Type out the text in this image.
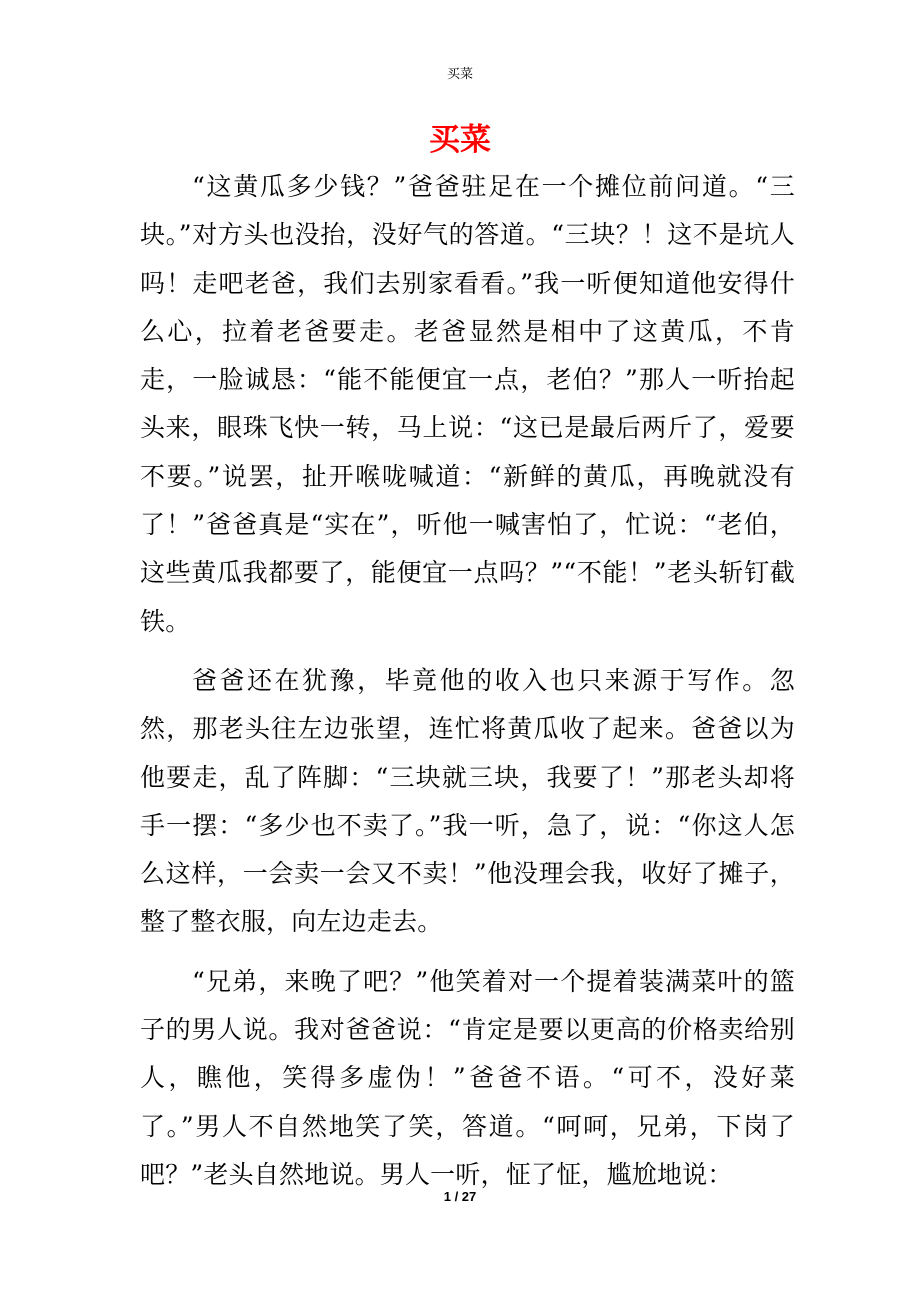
买菜
买菜

“这黄瓜多少钱？”爸爸驻足在一个摊位前问道。“三块。”对方头也没抬，没好气的答道。“三块？！这不是坑人吗！走吧老爸，我们去别家看看。”我一听便知道他安得什么心，拉着老爸要走。老爸显然是相中了这黄瓜，不肯走，一脸诚恳：“能不能便宜一点，老伯？”那人一听抬起头来，眼珠飞快一转，马上说：“这已是最后两斤了，爱要不要。”说罢，扯开喉咙喊道：“新鲜的黄瓜，再晚就没有了！”爸爸真是“实在”，听他一喊害怕了，忙说：“老伯，这些黄瓜我都要了，能便宜一点吗？”“不能！”老头斩钉截铁。

爸爸还在犹豫，毕竟他的收入也只来源于写作。忽然，那老头往左边张望，连忙将黄瓜收了起来。爸爸以为他要走，乱了阵脚：“三块就三块，我要了！”那老头却将手一摆：“多少也不卖了。”我一听，急了，说：“你这人怎么这样，一会卖一会又不卖！”他没理会我，收好了摊子，整了整衣服，向左边走去。

“兄弟，来晚了吧？”他笑着对一个提着装满菜叶的篮子的男人说。我对爸爸说：“肯定是要以更高的价格卖给别人，瞧他，笑得多虚伪！”爸爸不语。“可不，没好菜了。”男人不自然地笑了笑，答道。“呵呵，兄弟，下岗了吧？”老头自然地说。男人一听，怔了怔，尴尬地说：

1 / 27
